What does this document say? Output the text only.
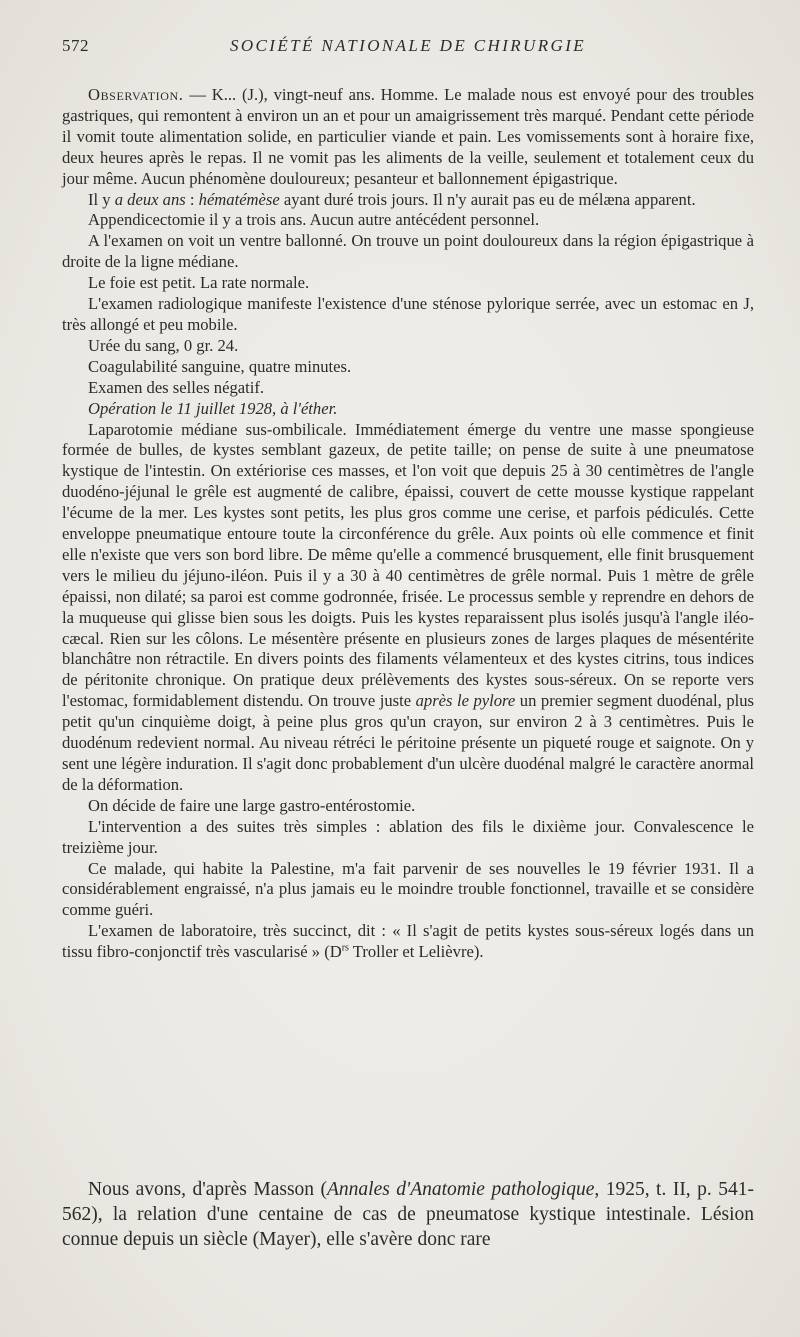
572	SOCIÉTÉ NATIONALE DE CHIRURGIE

Observation. — K... (J.), vingt-neuf ans. Homme. Le malade nous est envoyé pour des troubles gastriques, qui remontent à environ un an et pour un amaigrissement très marqué. Pendant cette période il vomit toute alimentation solide, en particulier viande et pain. Les vomissements sont à horaire fixe, deux heures après le repas. Il ne vomit pas les aliments de la veille, seulement et totalement ceux du jour même. Aucun phénomène douloureux; pesanteur et ballonnement épigastrique.

Il y a deux ans : hématémèse ayant duré trois jours. Il n'y aurait pas eu de mélæna apparent.

Appendicectomie il y a trois ans. Aucun autre antécédent personnel.

A l'examen on voit un ventre ballonné. On trouve un point douloureux dans la région épigastrique à droite de la ligne médiane.

Le foie est petit. La rate normale.

L'examen radiologique manifeste l'existence d'une sténose pylorique serrée, avec un estomac en J, très allongé et peu mobile.

Urée du sang, 0 gr. 24.

Coagulabilité sanguine, quatre minutes.

Examen des selles négatif.

Opération le 11 juillet 1928, à l'éther.

Laparotomie médiane sus-ombilicale. Immédiatement émerge du ventre une masse spongieuse formée de bulles, de kystes semblant gazeux, de petite taille; on pense de suite à une pneumatose kystique de l'intestin. On extériorise ces masses, et l'on voit que depuis 25 à 30 centimètres de l'angle duodéno-jéjunal le grêle est augmenté de calibre, épaissi, couvert de cette mousse kystique rappelant l'écume de la mer. Les kystes sont petits, les plus gros comme une cerise, et parfois pédiculés. Cette enveloppe pneumatique entoure toute la circonférence du grêle. Aux points où elle commence et finit elle n'existe que vers son bord libre. De même qu'elle a commencé brusquement, elle finit brusquement vers le milieu du jéjuno-iléon. Puis il y a 30 à 40 centimètres de grêle normal. Puis 1 mètre de grêle épaissi, non dilaté; sa paroi est comme godronnée, frisée. Le processus semble y reprendre en dehors de la muqueuse qui glisse bien sous les doigts. Puis les kystes reparaissent plus isolés jusqu'à l'angle iléo-cæcal. Rien sur les côlons. Le mésentère présente en plusieurs zones de larges plaques de mésentérite blanchâtre non rétractile. En divers points des filaments vélamenteux et des kystes citrins, tous indices de péritonite chronique. On pratique deux prélèvements des kystes sous-séreux. On se reporte vers l'estomac, formidablement distendu. On trouve juste après le pylore un premier segment duodénal, plus petit qu'un cinquième doigt, à peine plus gros qu'un crayon, sur environ 2 à 3 centimètres. Puis le duodénum redevient normal. Au niveau rétréci le péritoine présente un piqueté rouge et saignote. On y sent une légère induration. Il s'agit donc probablement d'un ulcère duodénal malgré le caractère anormal de la déformation.

On décide de faire une large gastro-entérostomie.

L'intervention a des suites très simples : ablation des fils le dixième jour. Convalescence le treizième jour.

Ce malade, qui habite la Palestine, m'a fait parvenir de ses nouvelles le 19 février 1931. Il a considérablement engraissé, n'a plus jamais eu le moindre trouble fonctionnel, travaille et se considère comme guéri.

L'examen de laboratoire, très succinct, dit : « Il s'agit de petits kystes sous-séreux logés dans un tissu fibro-conjonctif très vascularisé » ($D^{rs}$ Troller et Lelièvre).

Nous avons, d'après Masson (Annales d'Anatomie pathologique, 1925, t. II, p. 541-562), la relation d'une centaine de cas de pneumatose kystique intestinale. Lésion connue depuis un siècle (Mayer), elle s'avère donc rare
